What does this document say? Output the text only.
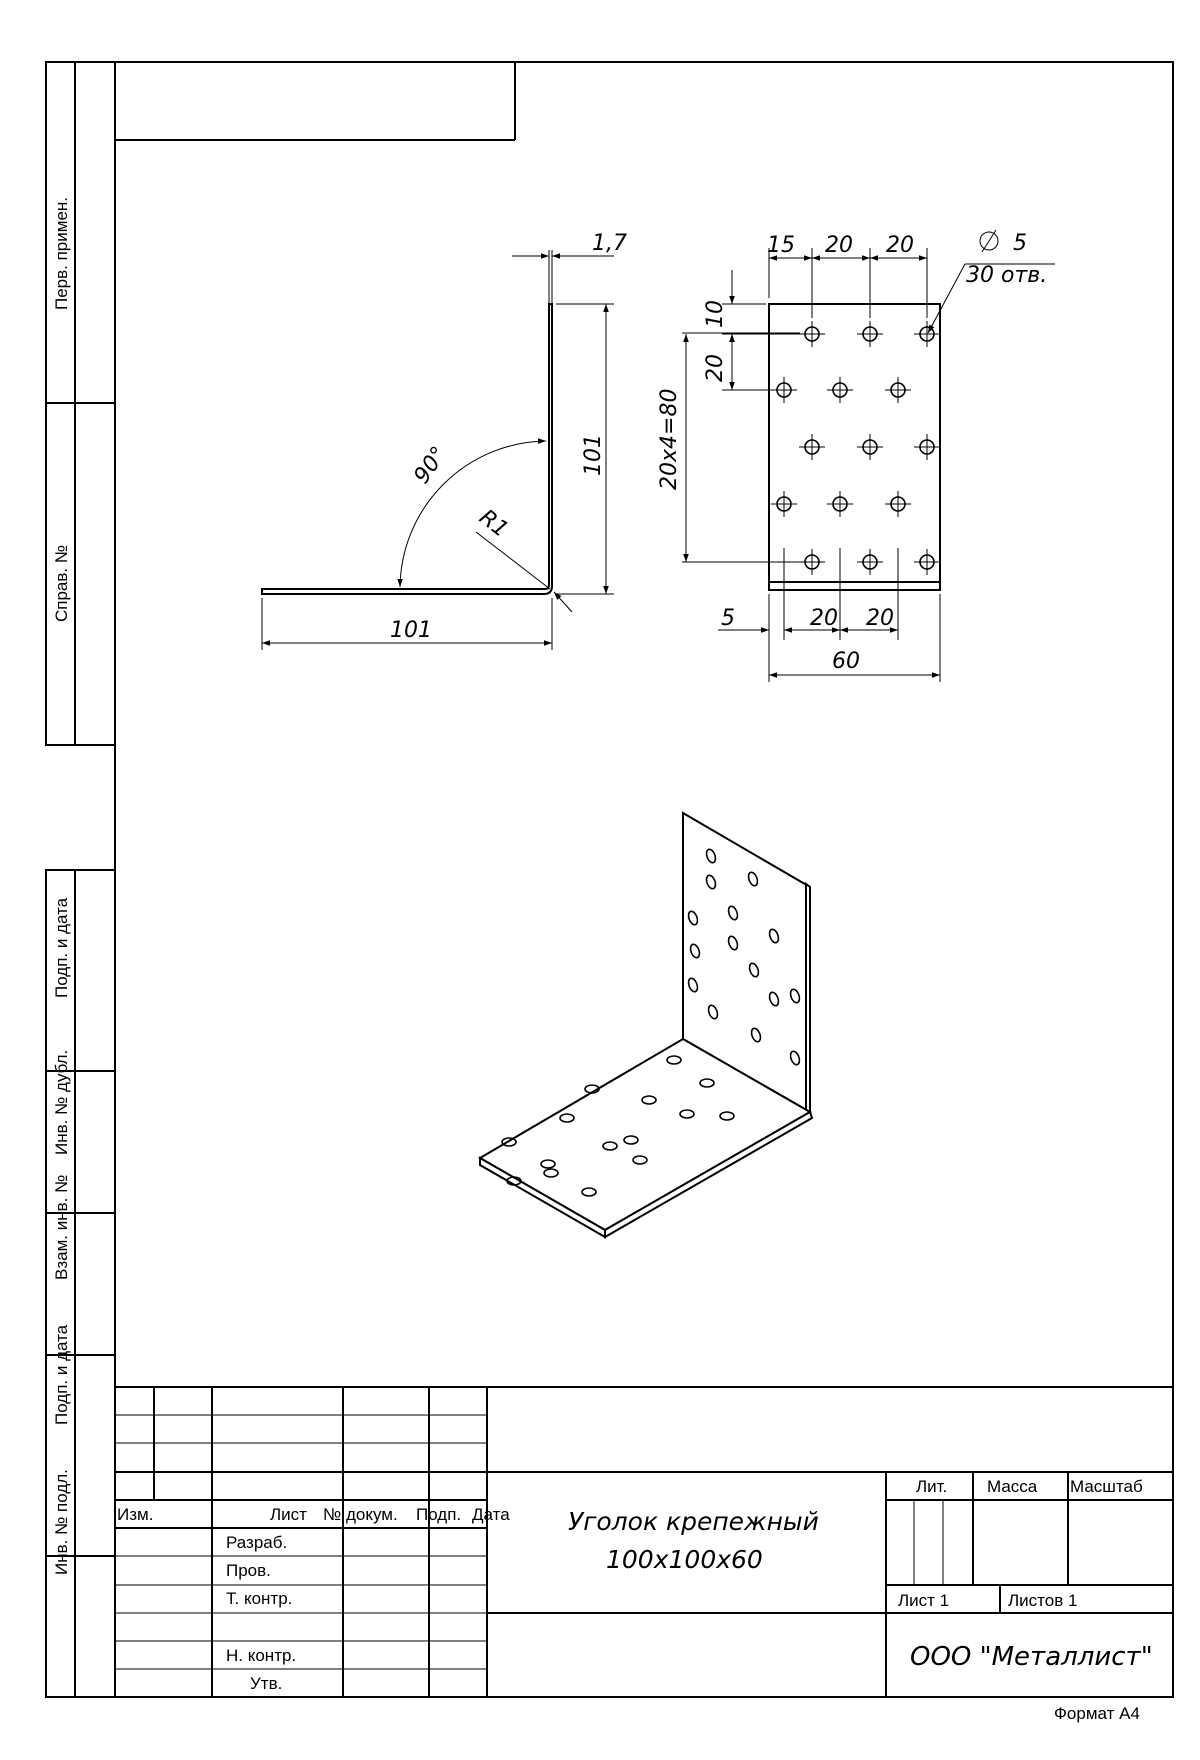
Перв. примен.
Справ. №
Подп. и дата
Инв. № дубл.
Взам. инв. №
Подп. и дата
Инв. № подл.
1,7
101
101
90°
R1
15 20 20	5
30 отв.
10
20
20х4=80
5	20 20
60
Изм.	Лист № докум. Подп. Дата
Разраб.
Пров.
Т. контр.
Н. контр.
Утв.
Уголок крепежный
100х100х60
Лит. Масса Масштаб
Лист 1	Листов 1
ООО "Металлист"
Формат А4
